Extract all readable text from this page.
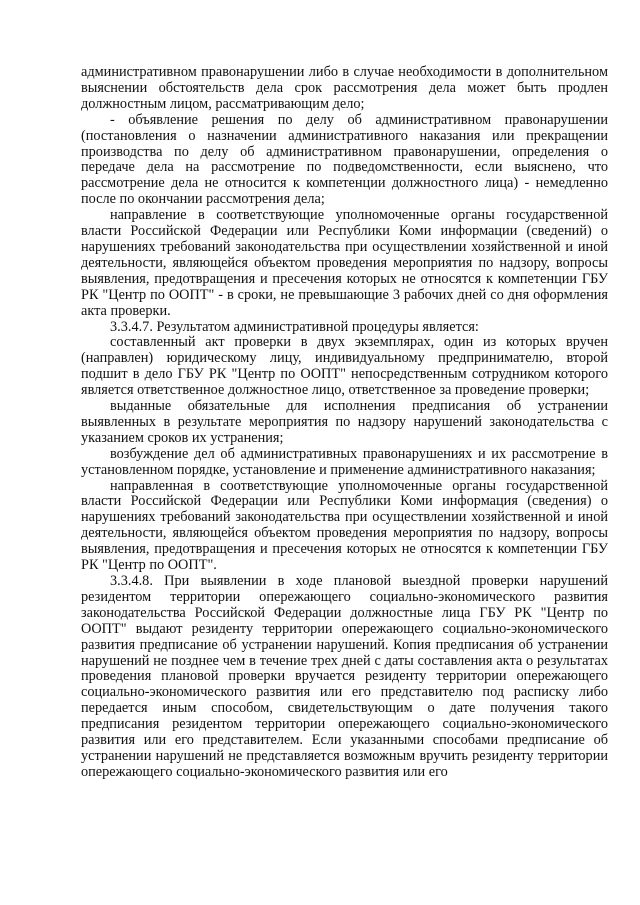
административном правонарушении либо в случае необходимости в дополнительном выяснении обстоятельств дела срок рассмотрения дела может быть продлен должностным лицом, рассматривающим дело;

- объявление решения по делу об административном правонарушении (постановления о назначении административного наказания или прекращении производства по делу об административном правонарушении, определения о передаче дела на рассмотрение по подведомственности, если выяснено, что рассмотрение дела не относится к компетенции должностного лица) - немедленно после по окончании рассмотрения дела;

направление в соответствующие уполномоченные органы государственной власти Российской Федерации или Республики Коми информации (сведений) о нарушениях требований законодательства при осуществлении хозяйственной и иной деятельности, являющейся объектом проведения мероприятия по надзору, вопросы выявления, предотвращения и пресечения которых не относятся к компетенции ГБУ РК "Центр по ООПТ" - в сроки, не превышающие 3 рабочих дней со дня оформления акта проверки.

3.3.4.7. Результатом административной процедуры является:

составленный акт проверки в двух экземплярах, один из которых вручен (направлен) юридическому лицу, индивидуальному предпринимателю, второй подшит в дело ГБУ РК "Центр по ООПТ" непосредственным сотрудником которого является ответственное должностное лицо, ответственное за проведение проверки;

выданные обязательные для исполнения предписания об устранении выявленных в результате мероприятия по надзору нарушений законодательства с указанием сроков их устранения;

возбуждение дел об административных правонарушениях и их рассмотрение в установленном порядке, установление и применение административного наказания;

направленная в соответствующие уполномоченные органы государственной власти Российской Федерации или Республики Коми информация (сведения) о нарушениях требований законодательства при осуществлении хозяйственной и иной деятельности, являющейся объектом проведения мероприятия по надзору, вопросы выявления, предотвращения и пресечения которых не относятся к компетенции ГБУ РК "Центр по ООПТ".

3.3.4.8. При выявлении в ходе плановой выездной проверки нарушений резидентом территории опережающего социально-экономического развития законодательства Российской Федерации должностные лица ГБУ РК "Центр по ООПТ" выдают резиденту территории опережающего социально-экономического развития предписание об устранении нарушений. Копия предписания об устранении нарушений не позднее чем в течение трех дней с даты составления акта о результатах проведения плановой проверки вручается резиденту территории опережающего социально-экономического развития или его представителю под расписку либо передается иным способом, свидетельствующим о дате получения такого предписания резидентом территории опережающего социально-экономического развития или его представителем. Если указанными способами предписание об устранении нарушений не представляется возможным вручить резиденту территории опережающего социально-экономического развития или его
